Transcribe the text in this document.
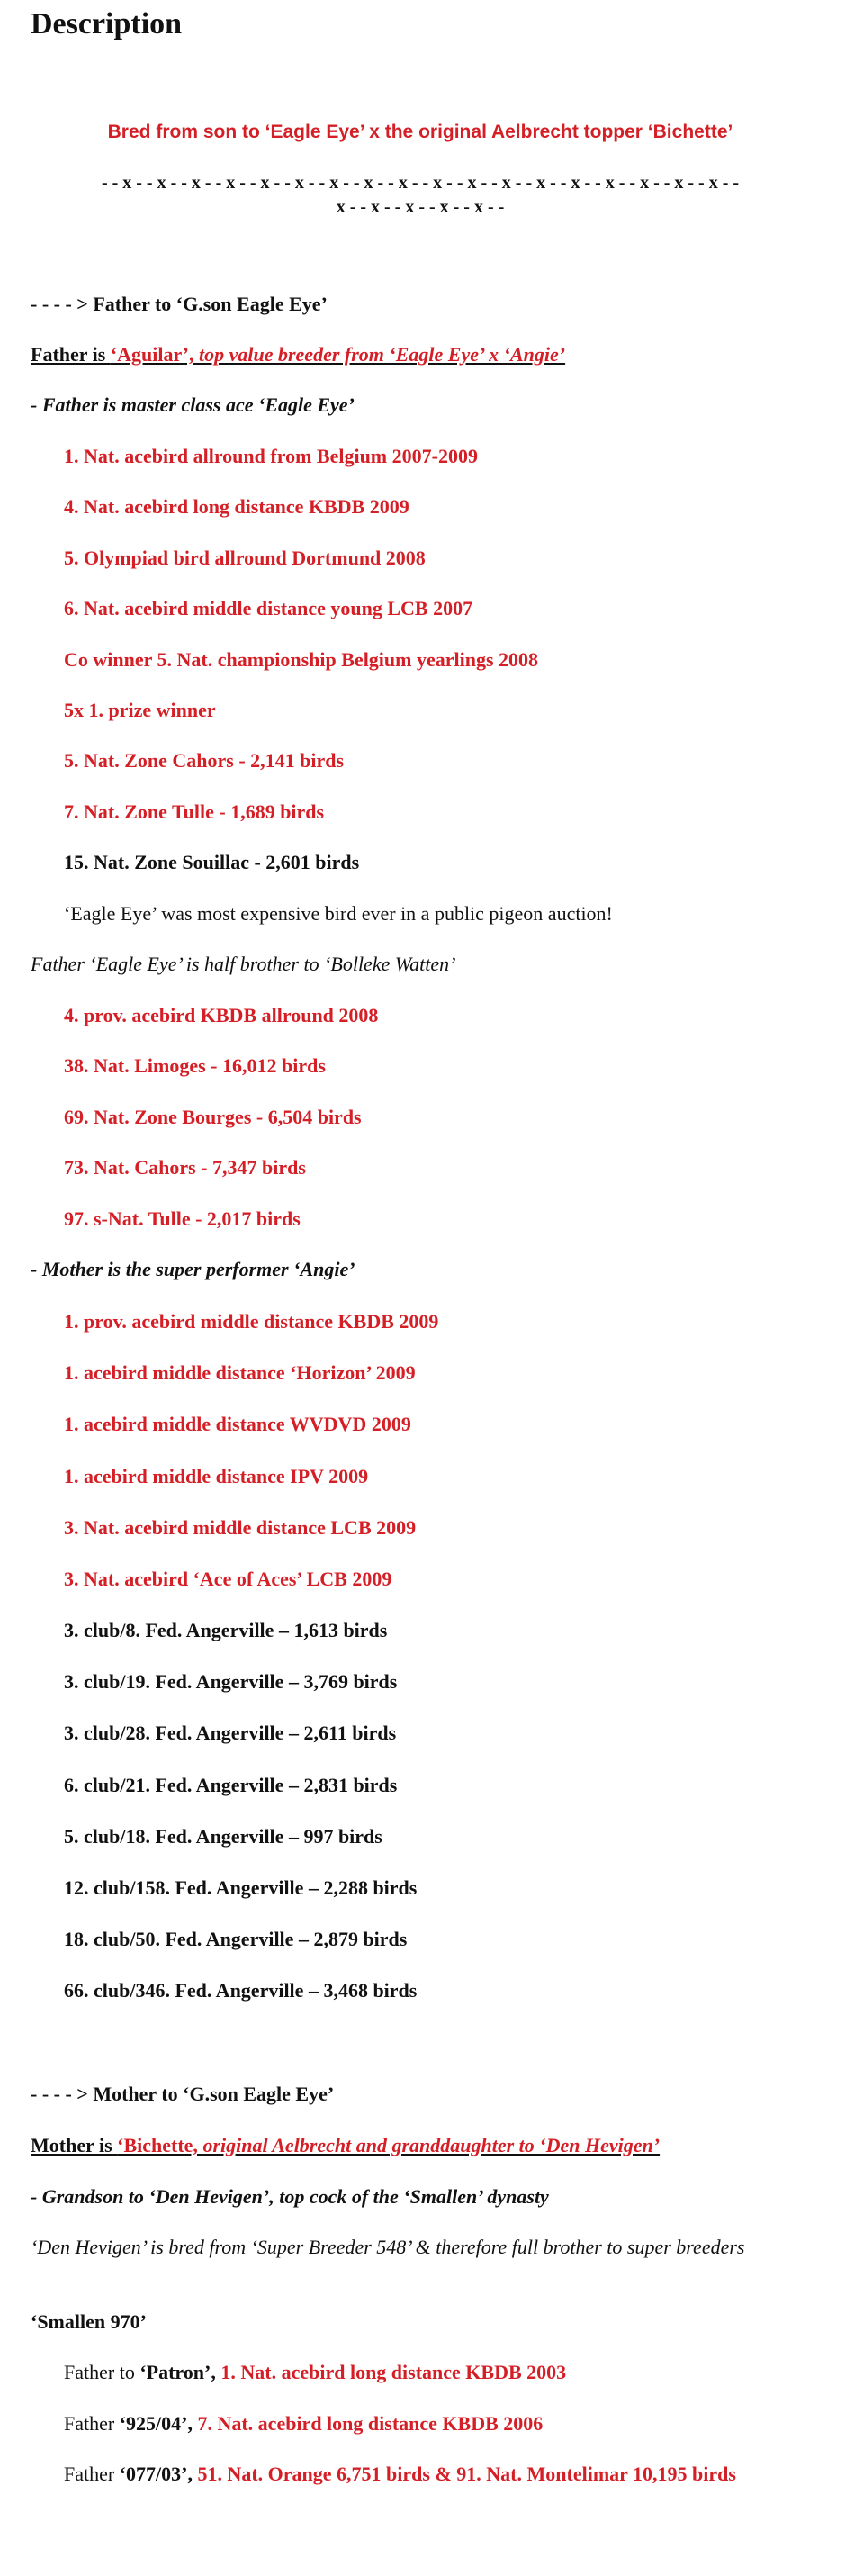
Description
Bred from son to ‘Eagle Eye’ x the original Aelbrecht topper ‘Bichette’
- - x - - x - - x - - x - - x - - x - - x - - x - - x - - x - - x - - x - - x - - x - - x - - x - - x - - x - -
x - - x - - x - - x - - x - -
- - - - > Father to ‘G.son Eagle Eye’
Father is ‘Aguilar’, top value breeder from ‘Eagle Eye’ x ‘Angie’
- Father is master class ace ‘Eagle Eye’
1. Nat. acebird allround from Belgium 2007-2009
4. Nat. acebird long distance KBDB 2009
5. Olympiad bird allround Dortmund 2008
6. Nat. acebird middle distance young LCB 2007
Co winner 5. Nat. championship Belgium yearlings 2008
5x 1. prize winner
5. Nat. Zone Cahors - 2,141 birds
7. Nat. Zone Tulle - 1,689 birds
15. Nat. Zone Souillac - 2,601 birds
‘Eagle Eye’ was most expensive bird ever in a public pigeon auction!
Father ‘Eagle Eye’ is half brother to ‘Bolleke Watten’
4. prov. acebird KBDB allround 2008
38. Nat. Limoges - 16,012 birds
69. Nat. Zone Bourges - 6,504 birds
73. Nat. Cahors - 7,347 birds
97. s-Nat. Tulle - 2,017 birds
- Mother is the super performer ‘Angie’
1. prov. acebird middle distance KBDB 2009
1. acebird middle distance ‘Horizon’ 2009
1. acebird middle distance WVDVD 2009
1. acebird middle distance IPV 2009
3. Nat. acebird middle distance LCB 2009
3. Nat. acebird ‘Ace of Aces’ LCB 2009
3. club/8. Fed. Angerville – 1,613 birds
3. club/19. Fed. Angerville – 3,769 birds
3. club/28. Fed. Angerville – 2,611 birds
6. club/21. Fed. Angerville – 2,831 birds
5. club/18. Fed. Angerville – 997 birds
12. club/158. Fed. Angerville – 2,288 birds
18. club/50. Fed. Angerville – 2,879 birds
66. club/346. Fed. Angerville – 3,468 birds
- - - - > Mother to ‘G.son Eagle Eye’
Mother is ‘Bichette, original Aelbrecht and granddaughter to ‘Den Hevigen’
- Grandson to ‘Den Hevigen’, top cock of the ‘Smallen’ dynasty
‘Den Hevigen’ is bred from ‘Super Breeder 548’ & therefore full brother to super breeders
‘Smallen 970’
Father to ‘Patron’, 1. Nat. acebird long distance KBDB 2003
Father ‘925/04’, 7. Nat. acebird long distance KBDB 2006
Father ‘077/03’, 51. Nat. Orange 6,751 birds & 91. Nat. Montelimar 10,195 birds
